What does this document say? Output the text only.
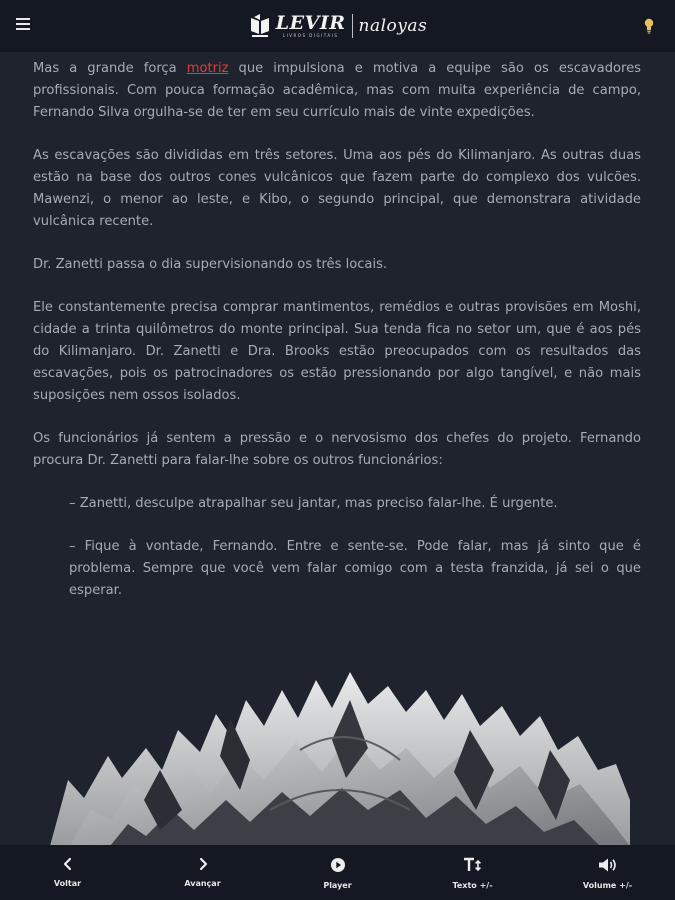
LEVIR
LIVROS DIGITAIS naloyas

Mas a grande força motriz que impulsiona e motiva a equipe são os escavadores profissionais. Com pouca formação acadêmica, mas com muita experiência de campo, Fernando Silva orgulha-se de ter em seu currículo mais de vinte expedições.

As escavações são divididas em três setores. Uma aos pés do Kilimanjaro. As outras duas estão na base dos outros cones vulcânicos que fazem parte do complexo dos vulcões. Mawenzi, o menor ao leste, e Kibo, o segundo principal, que demonstrara atividade vulcânica recente.

Dr. Zanetti passa o dia supervisionando os três locais.

Ele constantemente precisa comprar mantimentos, remédios e outras provisões em Moshi, cidade a trinta quilômetros do monte principal. Sua tenda fica no setor um, que é aos pés do Kilimanjaro. Dr. Zanetti e Dra. Brooks estão preocupados com os resultados das escavações, pois os patrocinadores os estão pressionando por algo tangível, e não mais suposições nem ossos isolados.

Os funcionários já sentem a pressão e o nervosismo dos chefes do projeto. Fernando procura Dr. Zanetti para falar-lhe sobre os outros funcionários:

– Zanetti, desculpe atrapalhar seu jantar, mas preciso falar-lhe. É urgente.

– Fique à vontade, Fernando. Entre e sente-se. Pode falar, mas já sinto que é problema. Sempre que você vem falar comigo com a testa franzida, já sei o que esperar.

Voltar	Avançar	Player	Texto +/-	Volume +/-
